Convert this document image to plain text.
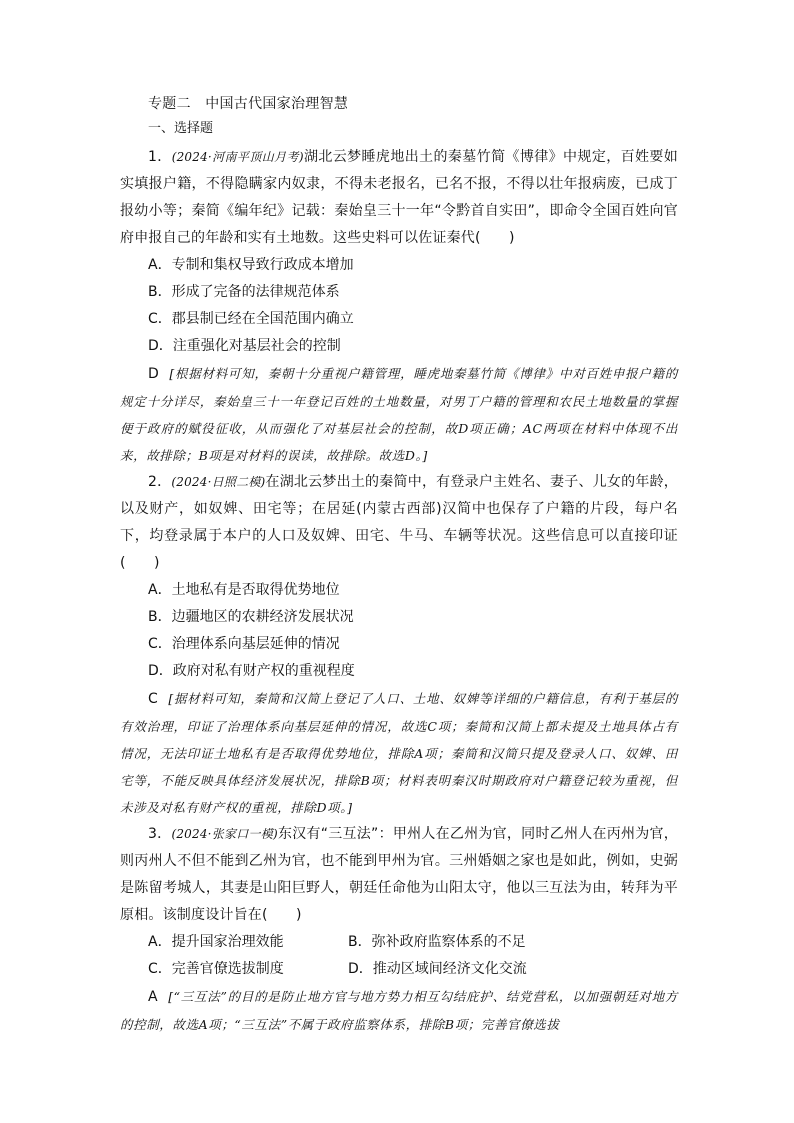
专题二　中国古代国家治理智慧
一、选择题

1．(2024·河南平顶山月考)湖北云梦睡虎地出土的秦墓竹简《博律》中规定，百姓要如实填报户籍，不得隐瞒家内奴隶，不得未老报名，已名不报，不得以壮年报病废，已成丁报幼小等；秦简《编年纪》记载：秦始皇三十一年“令黔首自实田”，即命令全国百姓向官府申报自己的年龄和实有土地数。这些史料可以佐证秦代(　　)

A．专制和集权导致行政成本增加
B．形成了完备的法律规范体系
C．郡县制已经在全国范围内确立
D．注重强化对基层社会的控制

D [根据材料可知，秦朝十分重视户籍管理，睡虎地秦墓竹简《博律》中对百姓申报户籍的规定十分详尽，秦始皇三十一年登记百姓的土地数量，对男丁户籍的管理和农民土地数量的掌握便于政府的赋役征收，从而强化了对基层社会的控制，故D项正确；AC两项在材料中体现不出来，故排除；B项是对材料的误读，故排除。故选D。]

2．(2024·日照二模)在湖北云梦出土的秦简中，有登录户主姓名、妻子、儿女的年龄，以及财产，如奴婢、田宅等；在居延(内蒙古西部)汉简中也保存了户籍的片段，每户名下，均登录属于本户的人口及奴婢、田宅、牛马、车辆等状况。这些信息可以直接印证(　　)

A．土地私有是否取得优势地位
B．边疆地区的农耕经济发展状况
C．治理体系向基层延伸的情况
D．政府对私有财产权的重视程度

C [据材料可知，秦简和汉简上登记了人口、土地、奴婢等详细的户籍信息，有利于基层的有效治理，印证了治理体系向基层延伸的情况，故选C项；秦简和汉简上都未提及土地具体占有情况，无法印证土地私有是否取得优势地位，排除A项；秦简和汉简只提及登录人口、奴婢、田宅等，不能反映具体经济发展状况，排除B项；材料表明秦汉时期政府对户籍登记较为重视，但未涉及对私有财产权的重视，排除D项。]

3．(2024·张家口一模)东汉有“三互法”：甲州人在乙州为官，同时乙州人在丙州为官，则丙州人不但不能到乙州为官，也不能到甲州为官。三州婚姻之家也是如此，例如，史弼是陈留考城人，其妻是山阳巨野人，朝廷任命他为山阳太守，他以三互法为由，转拜为平原相。该制度设计旨在(　　)

A．提升国家治理效能	B．弥补政府监察体系的不足
C．完善官僚选拔制度	D．推动区域间经济文化交流

A [“三互法”的目的是防止地方官与地方势力相互勾结庇护、结党营私，以加强朝廷对地方的控制，故选A项；“三互法”不属于政府监察体系，排除B项；完善官僚选拔
